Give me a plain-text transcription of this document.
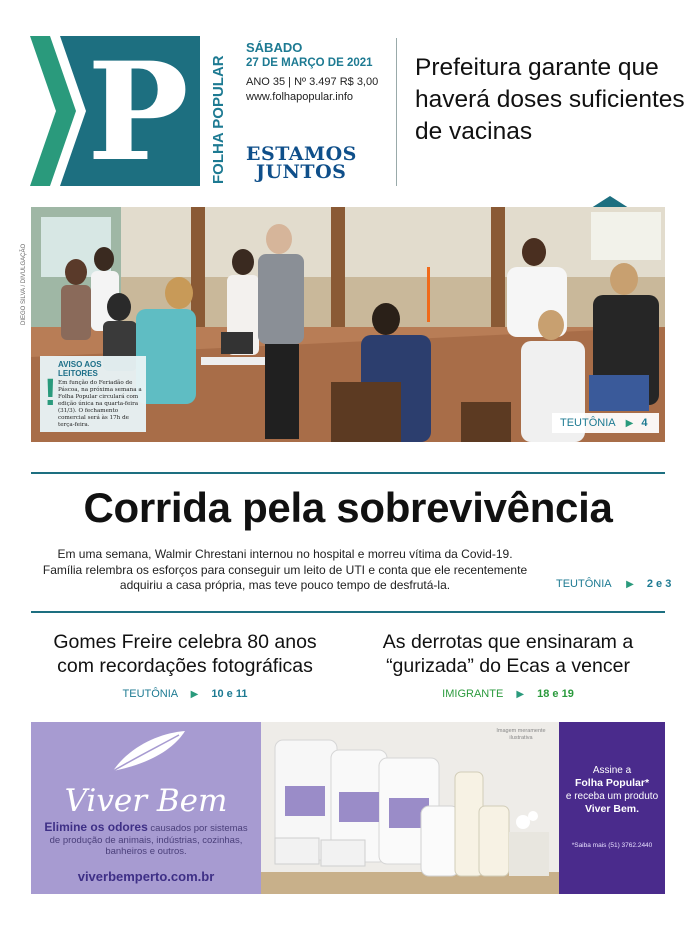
P FOLHA POPULAR
SÁBADO
27 DE MARÇO DE 2021
ANO 35 | Nº 3.497 R$ 3,00
www.folhapopular.info
ESTAMOS
JUNTOS
Prefeitura garante que haverá doses suficientes de vacinas
DIEGO SILVA / DIVULGAÇÃO
!
AVISO AOS LEITORES
Em função do Feriadão de Páscoa, na próxima semana a Folha Popular circulará com edição única na quarta-feira (31/3). O fechamento comercial será às 17h de terça-feira.	TEUTÔNIA ▶ 4
Corrida pela sobrevivência
Em uma semana, Walmir Chrestani internou no hospital e morreu vítima da Covid-19. Família relembra os esforços para conseguir um leito de UTI e conta que ele recentemente adquiriu a casa própria, mas teve pouco tempo de desfrutá-la.	TEUTÔNIA ▶ 2 e 3
Gomes Freire celebra 80 anos com recordações fotográficas
TEUTÔNIA ▶ 10 e 11
As derrotas que ensinaram a “gurizada” do Ecas a vencer
IMIGRANTE ▶ 18 e 19
Viver Bem
Elimine os odores causados por sistemas de produção de animais, indústrias, cozinhas, banheiros e outros.
viverbemperto.com.br
Imagem meramente ilustrativa
Assine a
Folha Popular*
e receba um produto
Viver Bem.
*Saiba mais (51) 3762.2440
